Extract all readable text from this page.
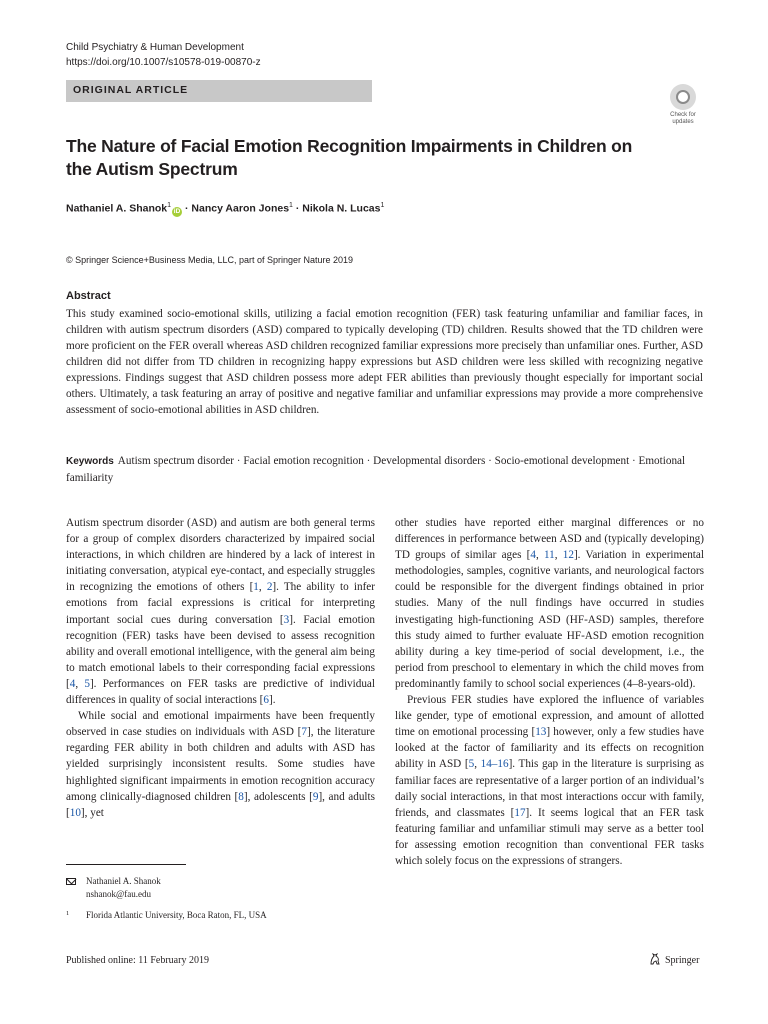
Child Psychiatry & Human Development
https://doi.org/10.1007/s10578-019-00870-z
ORIGINAL ARTICLE
Check for
updates
The Nature of Facial Emotion Recognition Impairments in Children on the Autism Spectrum
Nathaniel A. Shanok$^1$iD · Nancy Aaron Jones$^1$ · Nikola N. Lucas$^1$
© Springer Science+Business Media, LLC, part of Springer Nature 2019
Abstract
This study examined socio-emotional skills, utilizing a facial emotion recognition (FER) task featuring unfamiliar and familiar faces, in children with autism spectrum disorders (ASD) compared to typically developing (TD) children. Results showed that the TD children were more proficient on the FER overall whereas ASD children recognized familiar expressions more precisely than unfamiliar ones. Further, ASD children did not differ from TD children in recognizing happy expressions but ASD children were less skilled with recognizing negative expressions. Findings suggest that ASD children possess more adept FER abilities than previously thought especially for important social others. Ultimately, a task featuring an array of positive and negative familiar and unfamiliar expressions may provide a more comprehensive assessment of socio-emotional abilities in ASD children.
Keywords Autism spectrum disorder · Facial emotion recognition · Developmental disorders · Socio-emotional development · Emotional familiarity

Autism spectrum disorder (ASD) and autism are both general terms for a group of complex disorders characterized by impaired social interactions, in which children are hindered by a lack of interest in initiating conversation, atypical eye-contact, and especially struggles in recognizing the emotions of others [1, 2]. The ability to infer emotions from facial expressions is critical for interpreting important social cues during conversation [3]. Facial emotion recognition (FER) tasks have been devised to assess recognition ability and overall emotional intelligence, with the general aim being to match emotional labels to their corresponding facial expressions [4, 5]. Performances on FER tasks are predictive of individual differences in quality of social interactions [6].

While social and emotional impairments have been frequently observed in case studies on individuals with ASD [7], the literature regarding FER ability in both children and adults with ASD has yielded surprisingly inconsistent results. Some studies have highlighted significant impairments in emotion recognition accuracy among clinically-diagnosed children [8], adolescents [9], and adults [10], yet

other studies have reported either marginal differences or no differences in performance between ASD and (typically developing) TD groups of similar ages [4, 11, 12]. Variation in experimental methodologies, samples, cognitive variants, and neurological factors could be responsible for the divergent findings obtained in prior studies. Many of the null findings have occurred in studies investigating high-functioning ASD (HF-ASD) samples, therefore this study aimed to further evaluate HF-ASD emotion recognition ability during a key time-period of social development, i.e., the period from preschool to elementary in which the child moves from predominantly family to school social experiences (4–8-years-old).

Previous FER studies have explored the influence of variables like gender, type of emotional expression, and amount of allotted time on emotional processing [13] however, only a few studies have looked at the factor of familiarity and its effects on recognition ability in ASD [5, 14–16]. This gap in the literature is surprising as familiar faces are representative of a larger portion of an individual’s daily social interactions, in that most interactions occur with family, friends, and classmates [17]. It seems logical that an FER task featuring familiar and unfamiliar stimuli may serve as a better tool for assessing emotion recognition than conventional FER tasks which solely focus on the expressions of strangers.

Nathaniel A. Shanok
nshanok@fau.edu
1 Florida Atlantic University, Boca Raton, FL, USA
Published online: 11 February 2019	Springer
